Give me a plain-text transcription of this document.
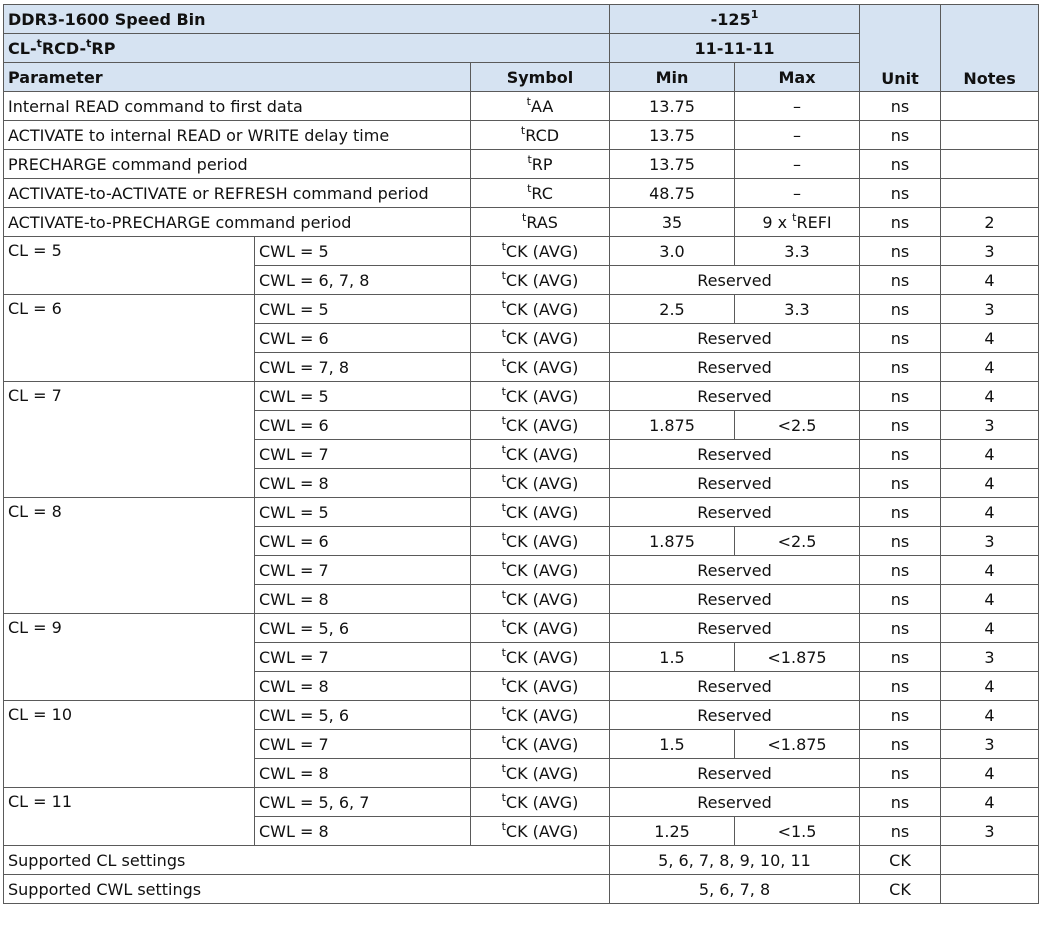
DDR3-1600 Speed Bin			$-125^1$		Unit	Notes
CL-$^t$RCD-$^t$RP			11-11-11			
Parameter		Symbol	Min	Max		
Internal READ command to first data		$^t$AA	13.75	–	ns	
ACTIVATE to internal READ or WRITE delay time		$^t$RCD	13.75	–	ns	
PRECHARGE command period		$^t$RP	13.75	–	ns	
ACTIVATE-to-ACTIVATE or REFRESH command period		$^t$RC	48.75	–	ns	
ACTIVATE-to-PRECHARGE command period		$^t$RAS	35	9 x $^t$REFI	ns	2
CL = 5	CWL = 5	$^t$CK (AVG)	3.0	3.3	ns	3
	CWL = 6, 7, 8	$^t$CK (AVG)	Reserved		ns	4
CL = 6	CWL = 5	$^t$CK (AVG)	2.5	3.3	ns	3
	CWL = 6	$^t$CK (AVG)	Reserved		ns	4
	CWL = 7, 8	$^t$CK (AVG)	Reserved		ns	4
CL = 7	CWL = 5	$^t$CK (AVG)	Reserved		ns	4
	CWL = 6	$^t$CK (AVG)	1.875	<2.5	ns	3
	CWL = 7	$^t$CK (AVG)	Reserved		ns	4
	CWL = 8	$^t$CK (AVG)	Reserved		ns	4
CL = 8	CWL = 5	$^t$CK (AVG)	Reserved		ns	4
	CWL = 6	$^t$CK (AVG)	1.875	<2.5	ns	3
	CWL = 7	$^t$CK (AVG)	Reserved		ns	4
	CWL = 8	$^t$CK (AVG)	Reserved		ns	4
CL = 9	CWL = 5, 6	$^t$CK (AVG)	Reserved		ns	4
	CWL = 7	$^t$CK (AVG)	1.5	<1.875	ns	3
	CWL = 8	$^t$CK (AVG)	Reserved		ns	4
CL = 10	CWL = 5, 6	$^t$CK (AVG)	Reserved		ns	4
	CWL = 7	$^t$CK (AVG)	1.5	<1.875	ns	3
	CWL = 8	$^t$CK (AVG)	Reserved		ns	4
CL = 11	CWL = 5, 6, 7	$^t$CK (AVG)	Reserved		ns	4
	CWL = 8	$^t$CK (AVG)	1.25	<1.5	ns	3
Supported CL settings			5, 6, 7, 8, 9, 10, 11		CK	
Supported CWL settings			5, 6, 7, 8		CK	
